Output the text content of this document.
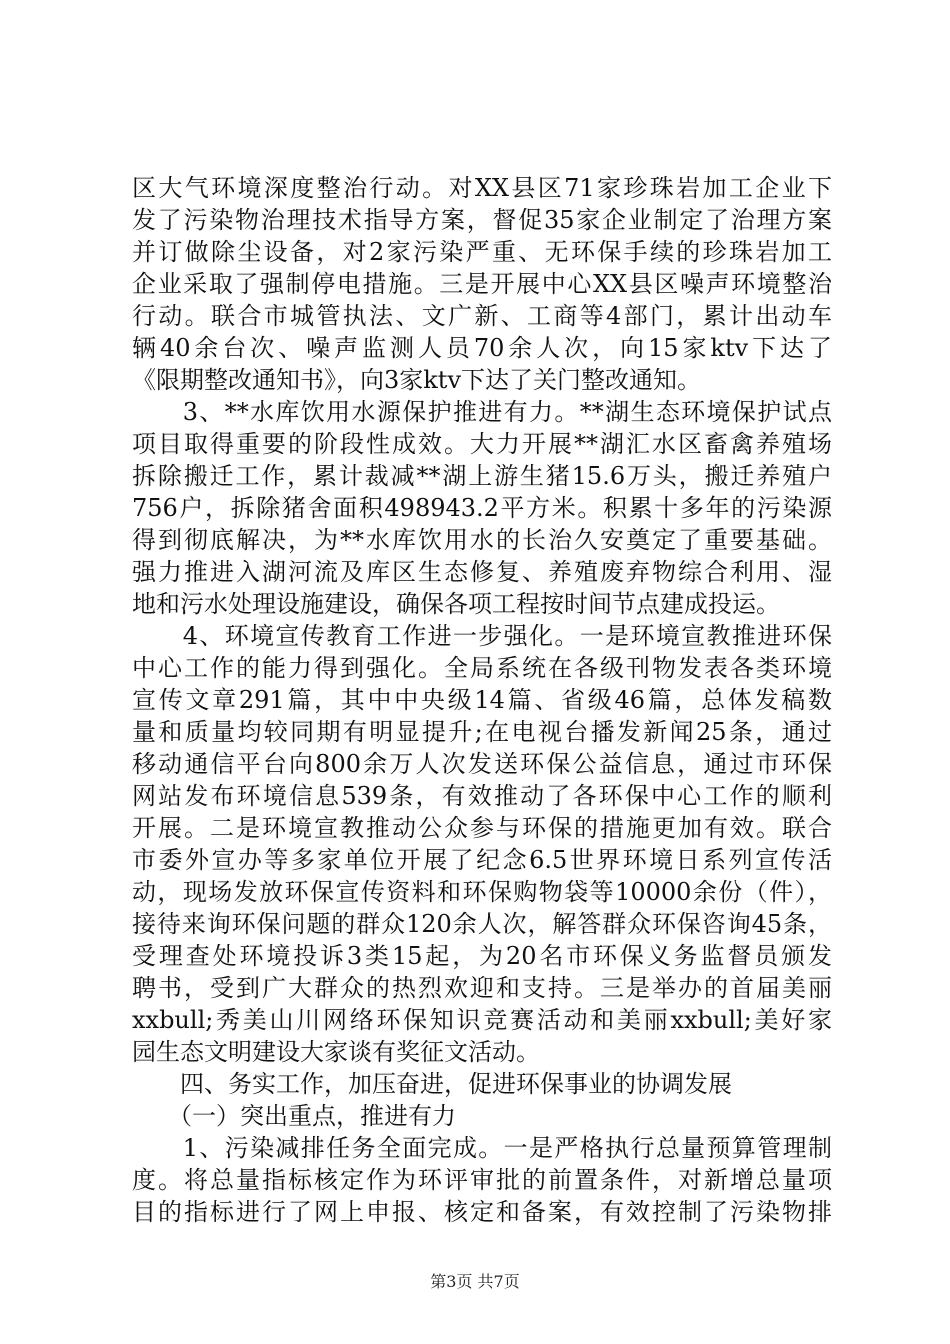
区大气环境深度整治行动。对XX县区71家珍珠岩加工企业下
发了污染物治理技术指导方案，督促35家企业制定了治理方案
并订做除尘设备，对2家污染严重、无环保手续的珍珠岩加工
企业采取了强制停电措施。三是开展中心XX县区噪声环境整治
行动。联合市城管执法、文广新、工商等4部门，累计出动车
辆40余台次、噪声监测人员70余人次，向15家ktv下达了
《限期整改通知书》，向3家ktv下达了关门整改通知。
　　3、**水库饮用水源保护推进有力。**湖生态环境保护试点
项目取得重要的阶段性成效。大力开展**湖汇水区畜禽养殖场
拆除搬迁工作，累计裁减**湖上游生猪15.6万头，搬迁养殖户
756户，拆除猪舍面积498943.2平方米。积累十多年的污染源
得到彻底解决，为**水库饮用水的长治久安奠定了重要基础。
强力推进入湖河流及库区生态修复、养殖废弃物综合利用、湿
地和污水处理设施建设，确保各项工程按时间节点建成投运。
　　4、环境宣传教育工作进一步强化。一是环境宣教推进环保
中心工作的能力得到强化。全局系统在各级刊物发表各类环境
宣传文章291篇，其中中央级14篇、省级46篇，总体发稿数
量和质量均较同期有明显提升;在电视台播发新闻25条，通过
移动通信平台向800余万人次发送环保公益信息，通过市环保
网站发布环境信息539条，有效推动了各环保中心工作的顺利
开展。二是环境宣教推动公众参与环保的措施更加有效。联合
市委外宣办等多家单位开展了纪念6.5世界环境日系列宣传活
动，现场发放环保宣传资料和环保购物袋等10000余份（件），
接待来询环保问题的群众120余人次，解答群众环保咨询45条，
受理查处环境投诉3类15起，为20名市环保义务监督员颁发
聘书，受到广大群众的热烈欢迎和支持。三是举办的首届美丽
xxbull;秀美山川网络环保知识竞赛活动和美丽xxbull;美好家
园生态文明建设大家谈有奖征文活动。
　　四、务实工作，加压奋进，促进环保事业的协调发展
　　（一）突出重点，推进有力
　　1、污染减排任务全面完成。一是严格执行总量预算管理制
度。将总量指标核定作为环评审批的前置条件，对新增总量项
目的指标进行了网上申报、核定和备案，有效控制了污染物排
第3页 共7页
